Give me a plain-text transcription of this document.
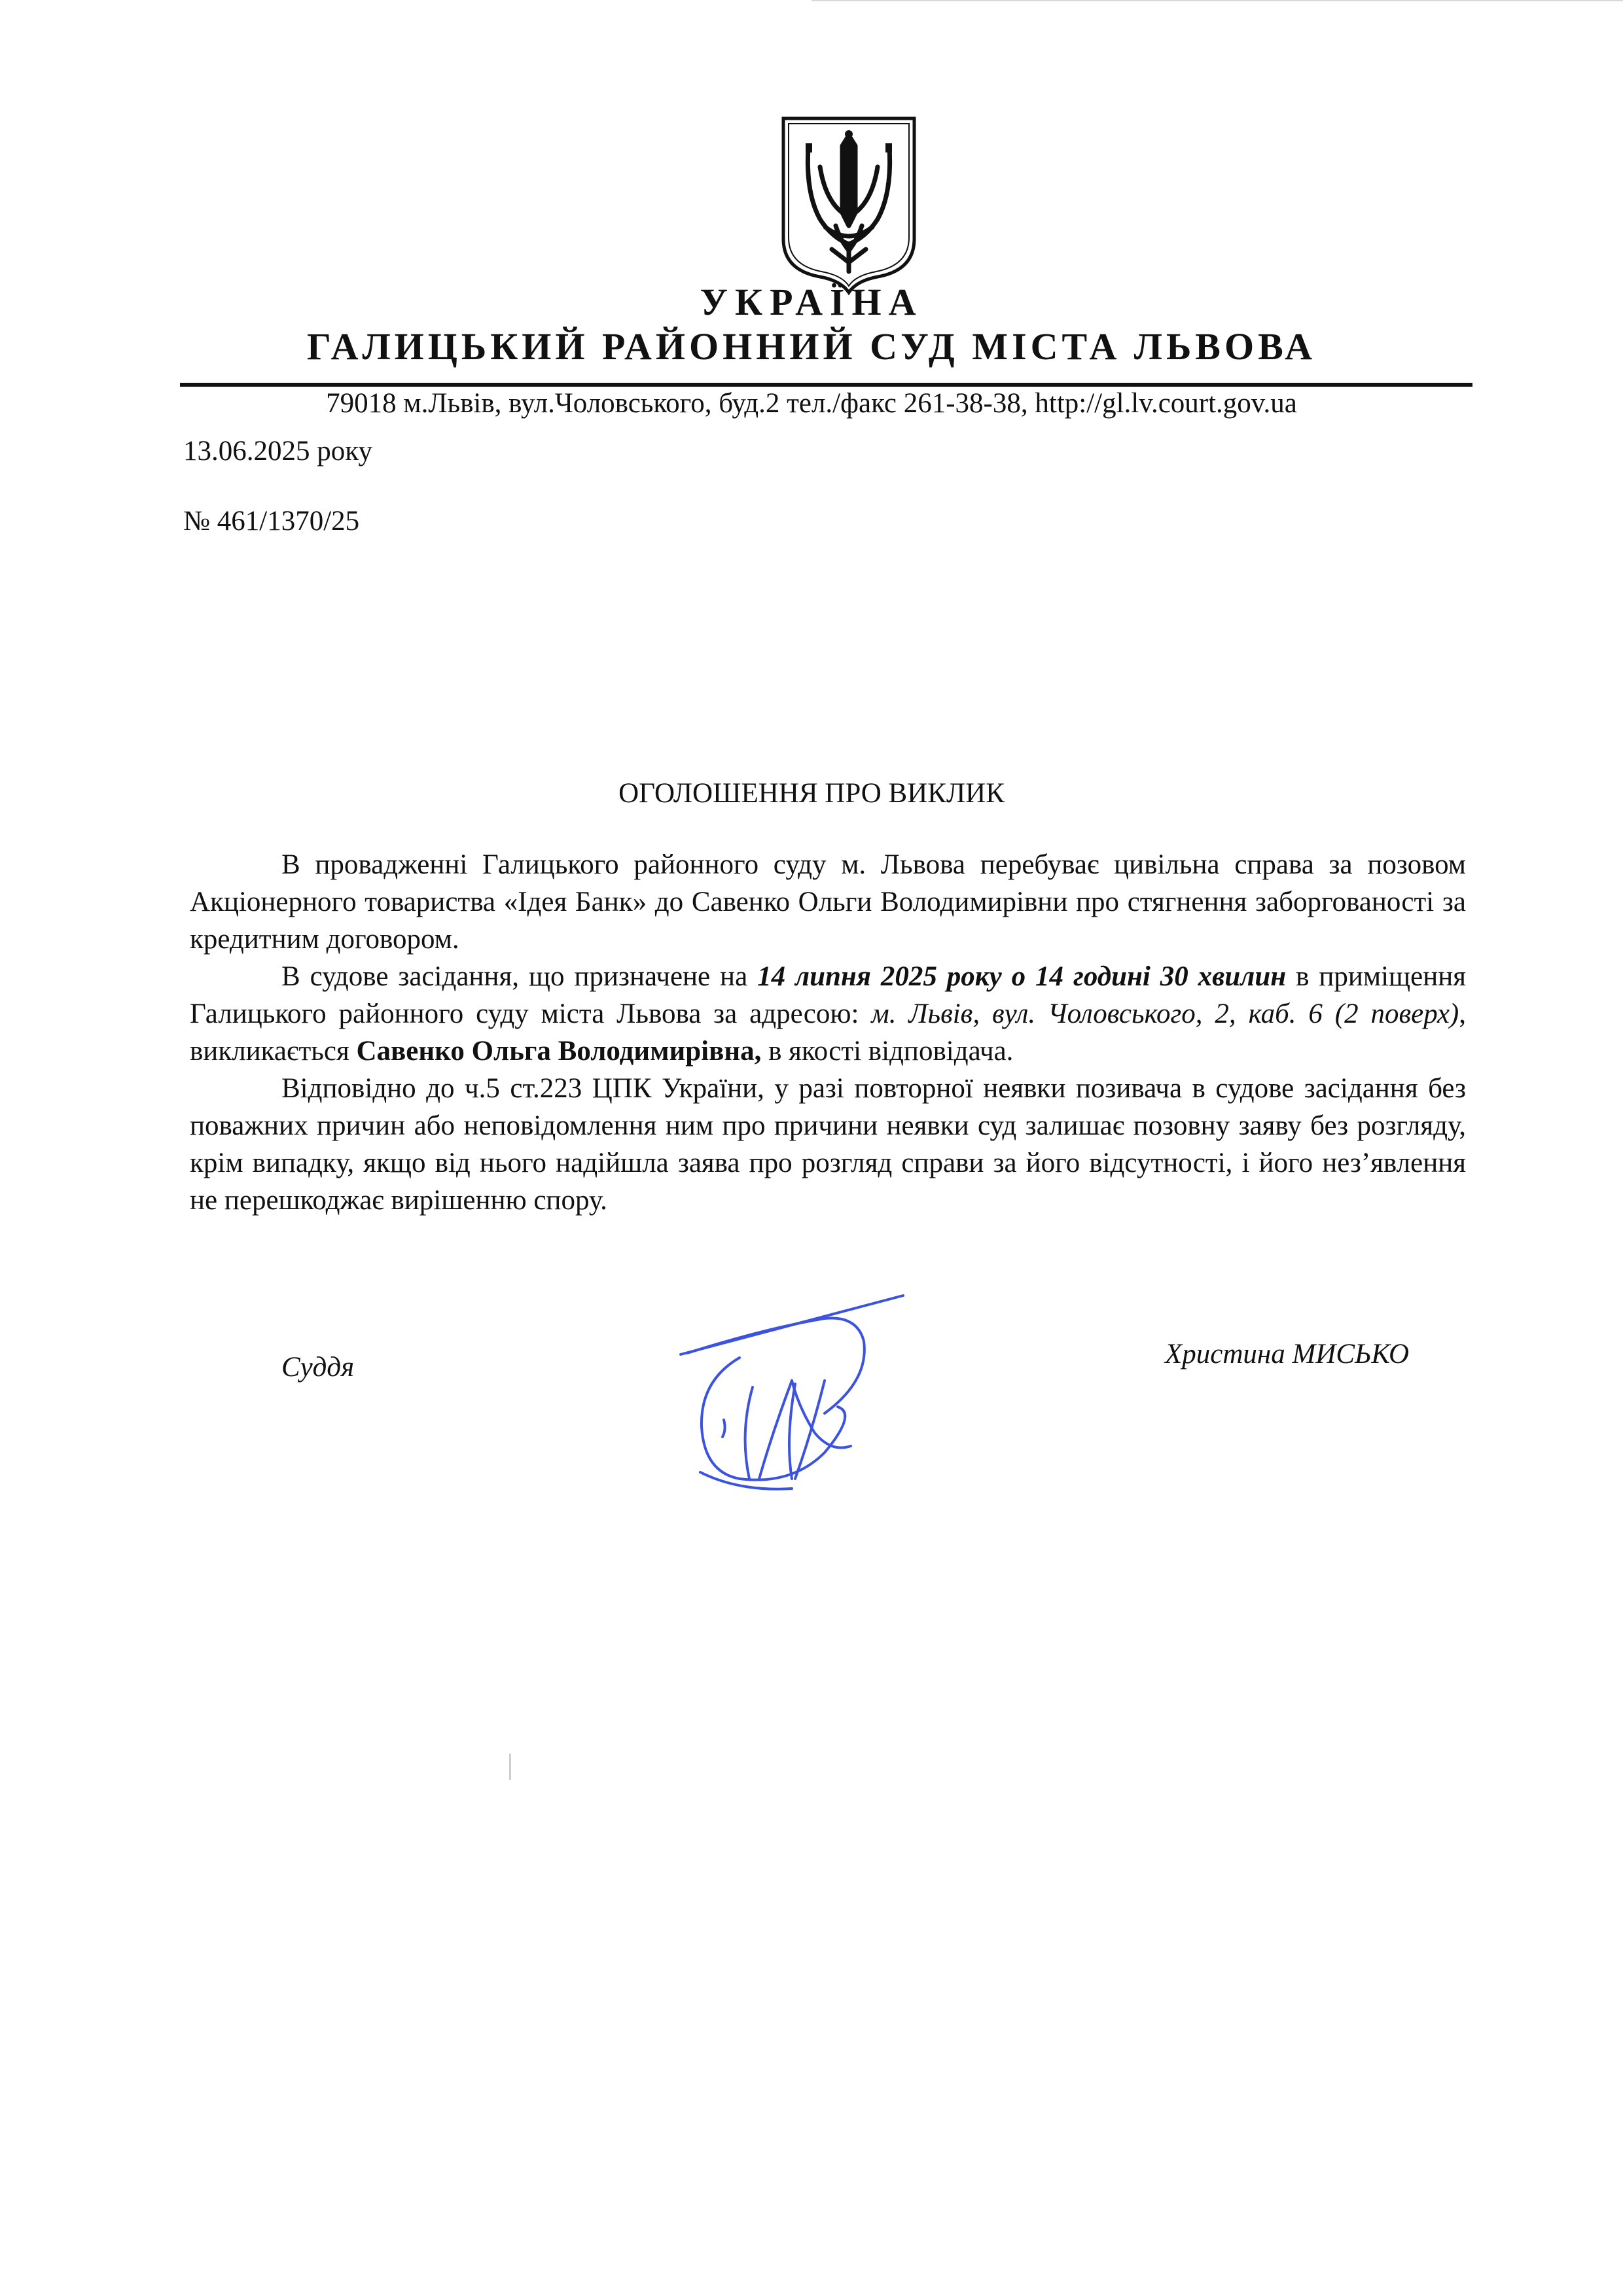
УКРАЇНА
ГАЛИЦЬКИЙ РАЙОННИЙ СУД МІСТА ЛЬВОВА
79018 м.Львів, вул.Чоловського, буд.2 тел./факс 261-38-38, http://gl.lv.court.gov.ua
13.06.2025 року
№ 461/1370/25
ОГОЛОШЕННЯ ПРО ВИКЛИК

В провадженні Галицького районного суду м. Львова перебуває цивільна справа за позовом Акціонерного товариства «Ідея Банк» до Савенко Ольги Володимирівни про стягнення заборгованості за кредитним договором.

В судове засідання, що призначене на 14 липня 2025 року о 14 годині 30 хвилин в приміщення Галицького районного суду міста Львова за адресою: м. Львів, вул. Чоловського, 2, каб. 6 (2 поверх), викликається Савенко Ольга Володимирівна, в якості відповідача.

Відповідно до ч.5 ст.223 ЦПК України, у разі повторної неявки позивача в судове засідання без поважних причин або неповідомлення ним про причини неявки суд залишає позовну заяву без розгляду, крім випадку, якщо від нього надійшла заява про розгляд справи за його відсутності, і його нез’явлення не перешкоджає вирішенню спору.

Суддя	Христина МИСЬКО
